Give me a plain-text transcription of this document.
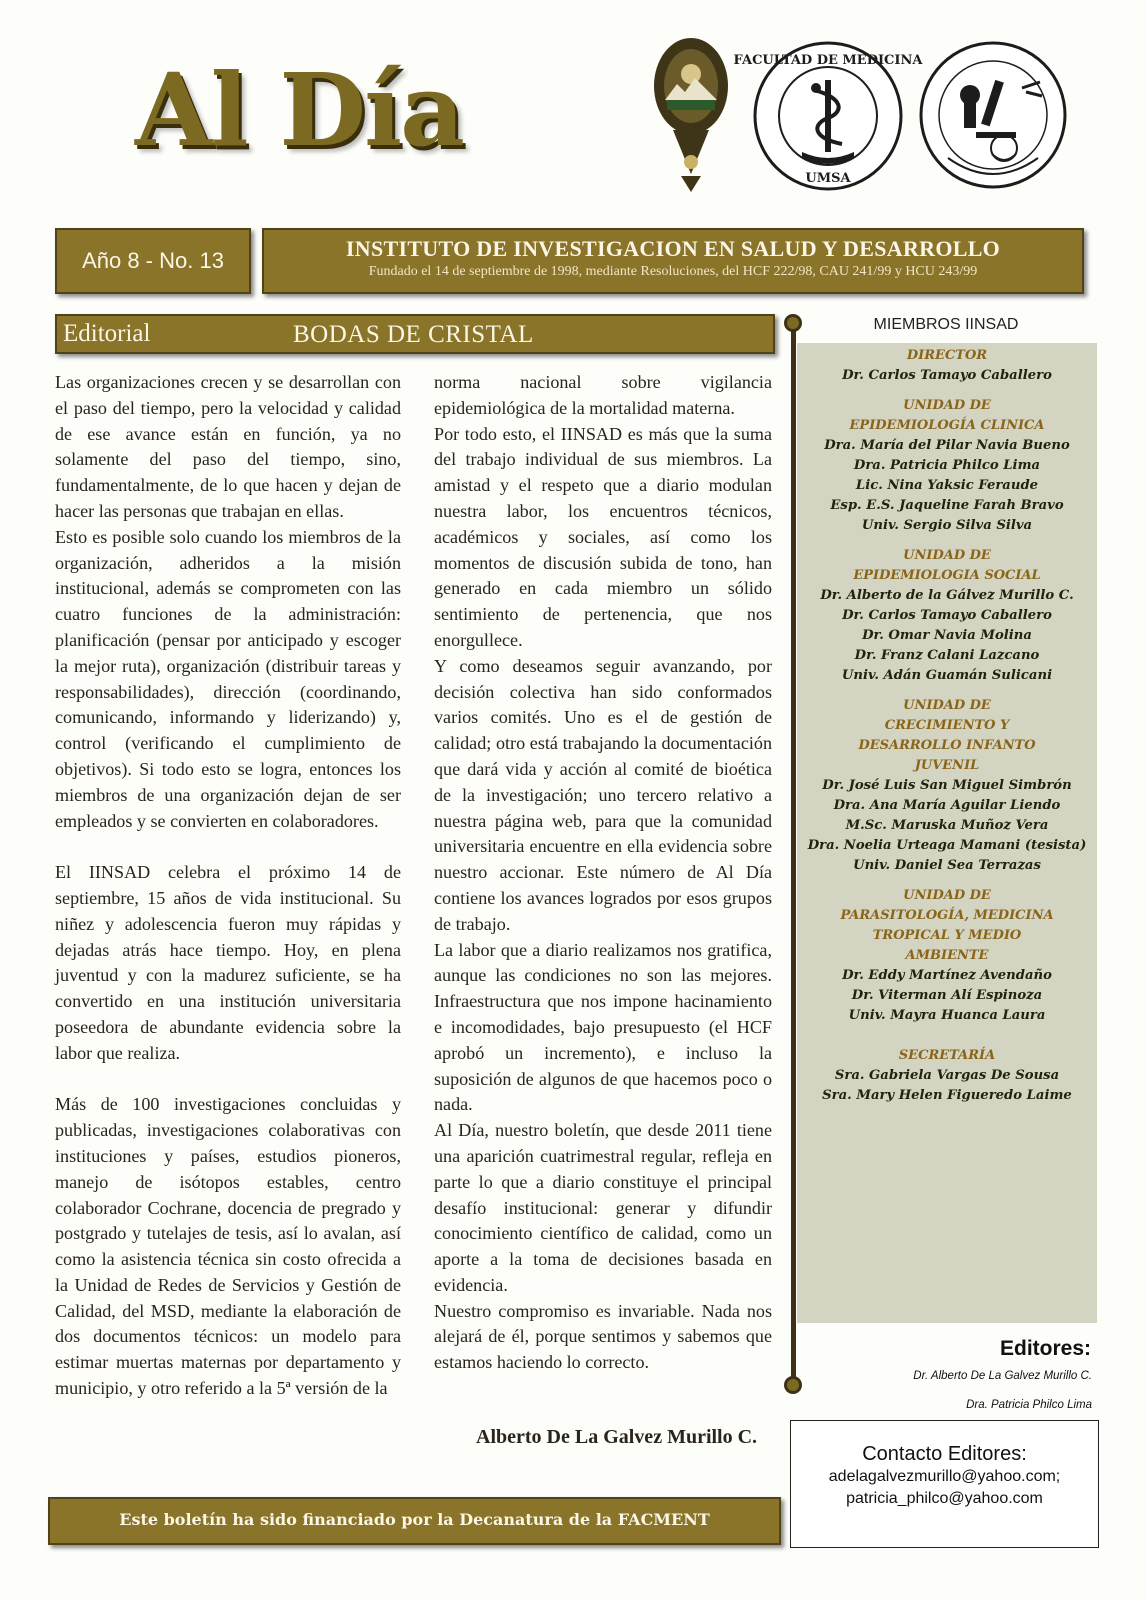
Al Día	FACULTAD DE MEDICINA
UMSA
Año 8 - No. 13	INSTITUTO DE INVESTIGACION EN SALUD Y DESARROLLO
Fundado el 14 de septiembre de 1998, mediante Resoluciones, del HCF 222/98, CAU 241/99 y HCU 243/99
Editorial	BODAS DE CRISTAL

Las organizaciones crecen y se desarrollan con el paso del tiempo, pero la velocidad y calidad de ese avance están en función, ya no solamente del paso del tiempo, sino, fundamentalmente, de lo que hacen y dejan de hacer las personas que trabajan en ellas.

Esto es posible solo cuando los miembros de la organización, adheridos a la misión institucional, además se comprometen con las cuatro funciones de la administración: planificación (pensar por anticipado y escoger la mejor ruta), organización (distribuir tareas y responsabilidades), dirección (coordinando, comunicando, informando y liderizando) y, control (verificando el cumplimiento de objetivos). Si todo esto se logra, entonces los miembros de una organización dejan de ser empleados y se convierten en colaboradores.

El IINSAD celebra el próximo 14 de septiembre, 15 años de vida institucional. Su niñez y adolescencia fueron muy rápidas y dejadas atrás hace tiempo. Hoy, en plena juventud y con la madurez suficiente, se ha convertido en una institución universitaria poseedora de abundante evidencia sobre la labor que realiza.

Más de 100 investigaciones concluidas y publicadas, investigaciones colaborativas con instituciones y países, estudios pioneros, manejo de isótopos estables, centro colaborador Cochrane, docencia de pregrado y postgrado y tutelajes de tesis, así lo avalan, así como la asistencia técnica sin costo ofrecida a la Unidad de Redes de Servicios y Gestión de Calidad, del MSD, mediante la elaboración de dos documentos técnicos: un modelo para estimar muertas maternas por departamento y municipio, y otro referido a la 5ª versión de la

norma nacional sobre vigilancia epidemiológica de la mortalidad materna.

Por todo esto, el IINSAD es más que la suma del trabajo individual de sus miembros. La amistad y el respeto que a diario modulan nuestra labor, los encuentros técnicos, académicos y sociales, así como los momentos de discusión subida de tono, han generado en cada miembro un sólido sentimiento de pertenencia, que nos enorgullece.

Y como deseamos seguir avanzando, por decisión colectiva han sido conformados varios comités. Uno es el de gestión de calidad; otro está trabajando la documentación que dará vida y acción al comité de bioética de la investigación; uno tercero relativo a nuestra página web, para que la comunidad universitaria encuentre en ella evidencia sobre nuestro accionar. Este número de Al Día contiene los avances logrados por esos grupos de trabajo.

La labor que a diario realizamos nos gratifica, aunque las condiciones no son las mejores. Infraestructura que nos impone hacinamiento e incomodidades, bajo presupuesto (el HCF aprobó un incremento), e incluso la suposición de algunos de que hacemos poco o nada.

Al Día, nuestro boletín, que desde 2011 tiene una aparición cuatrimestral regular, refleja en parte lo que a diario constituye el principal desafío institucional: generar y difundir conocimiento científico de calidad, como un aporte a la toma de decisiones basada en evidencia.

Nuestro compromiso es invariable. Nada nos alejará de él, porque sentimos y sabemos que estamos haciendo lo correcto.

Alberto De La Galvez Murillo C.
MIEMBROS IINSAD
DIRECTOR
Dr. Carlos Tamayo Caballero
UNIDAD DE
EPIDEMIOLOGÍA CLINICA
Dra. María del Pilar Navia Bueno
Dra. Patricia Philco Lima
Lic. Nina Yaksic Feraude
Esp. E.S. Jaqueline Farah Bravo
Univ. Sergio Silva Silva
UNIDAD DE
EPIDEMIOLOGIA SOCIAL
Dr. Alberto de la Gálvez Murillo C.
Dr. Carlos Tamayo Caballero
Dr. Omar Navia Molina
Dr. Franz Calani Lazcano
Univ. Adán Guamán Sulicani
UNIDAD DE
CRECIMIENTO Y
DESARROLLO INFANTO
JUVENIL
Dr. José Luis San Miguel Simbrón
Dra. Ana María Aguilar Liendo
M.Sc. Maruska Muñoz Vera
Dra. Noelia Urteaga Mamani (tesista)
Univ. Daniel Sea Terrazas
UNIDAD DE
PARASITOLOGÍA, MEDICINA
TROPICAL Y MEDIO
AMBIENTE
Dr. Eddy Martínez Avendaño
Dr. Viterman Alí Espinoza
Univ. Mayra Huanca Laura
SECRETARÍA
Sra. Gabriela Vargas De Sousa
Sra. Mary Helen Figueredo Laime
Editores:
Dr. Alberto De La Galvez Murillo C.
Dra. Patricia Philco Lima
Contacto Editores:
adelagalvezmurillo@yahoo.com;
patricia_philco@yahoo.com
Este boletín ha sido financiado por la Decanatura de la FACMENT
